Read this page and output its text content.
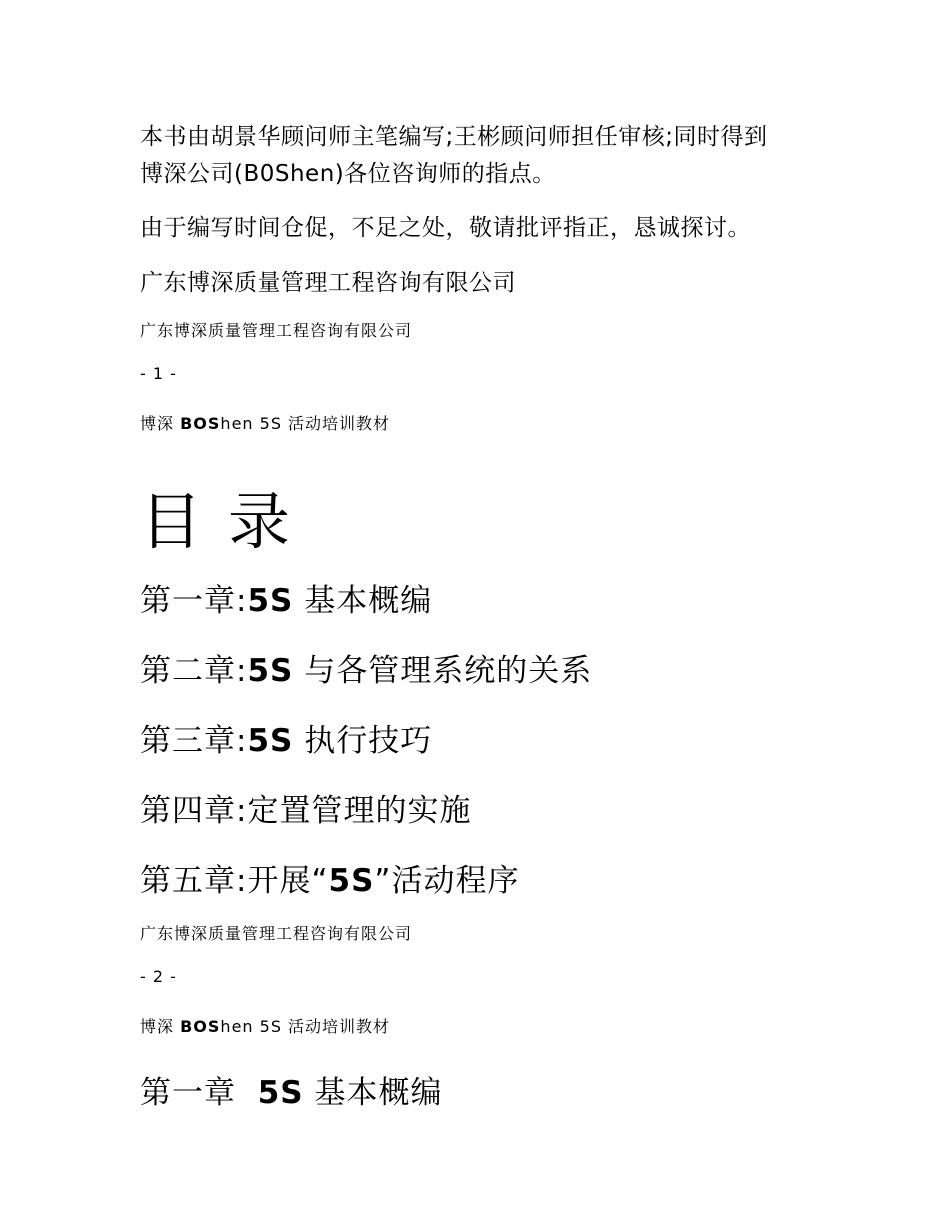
本书由胡景华顾问师主笔编写;王彬顾问师担任审核;同时得到
博深公司(B0Shen)各位咨询师的指点。
由于编写时间仓促，不足之处，敬请批评指正，恳诚探讨。
广东博深质量管理工程咨询有限公司
广东博深质量管理工程咨询有限公司
- 1 -
博深 BOShen 5S 活动培训教材
目录
第一章:5S 基本概编
第二章:5S 与各管理系统的关系
第三章:5S 执行技巧
第四章:定置管理的实施
第五章:开展“5S”活动程序
广东博深质量管理工程咨询有限公司
- 2 -
博深 BOShen 5S 活动培训教材
第一章  5S 基本概编
